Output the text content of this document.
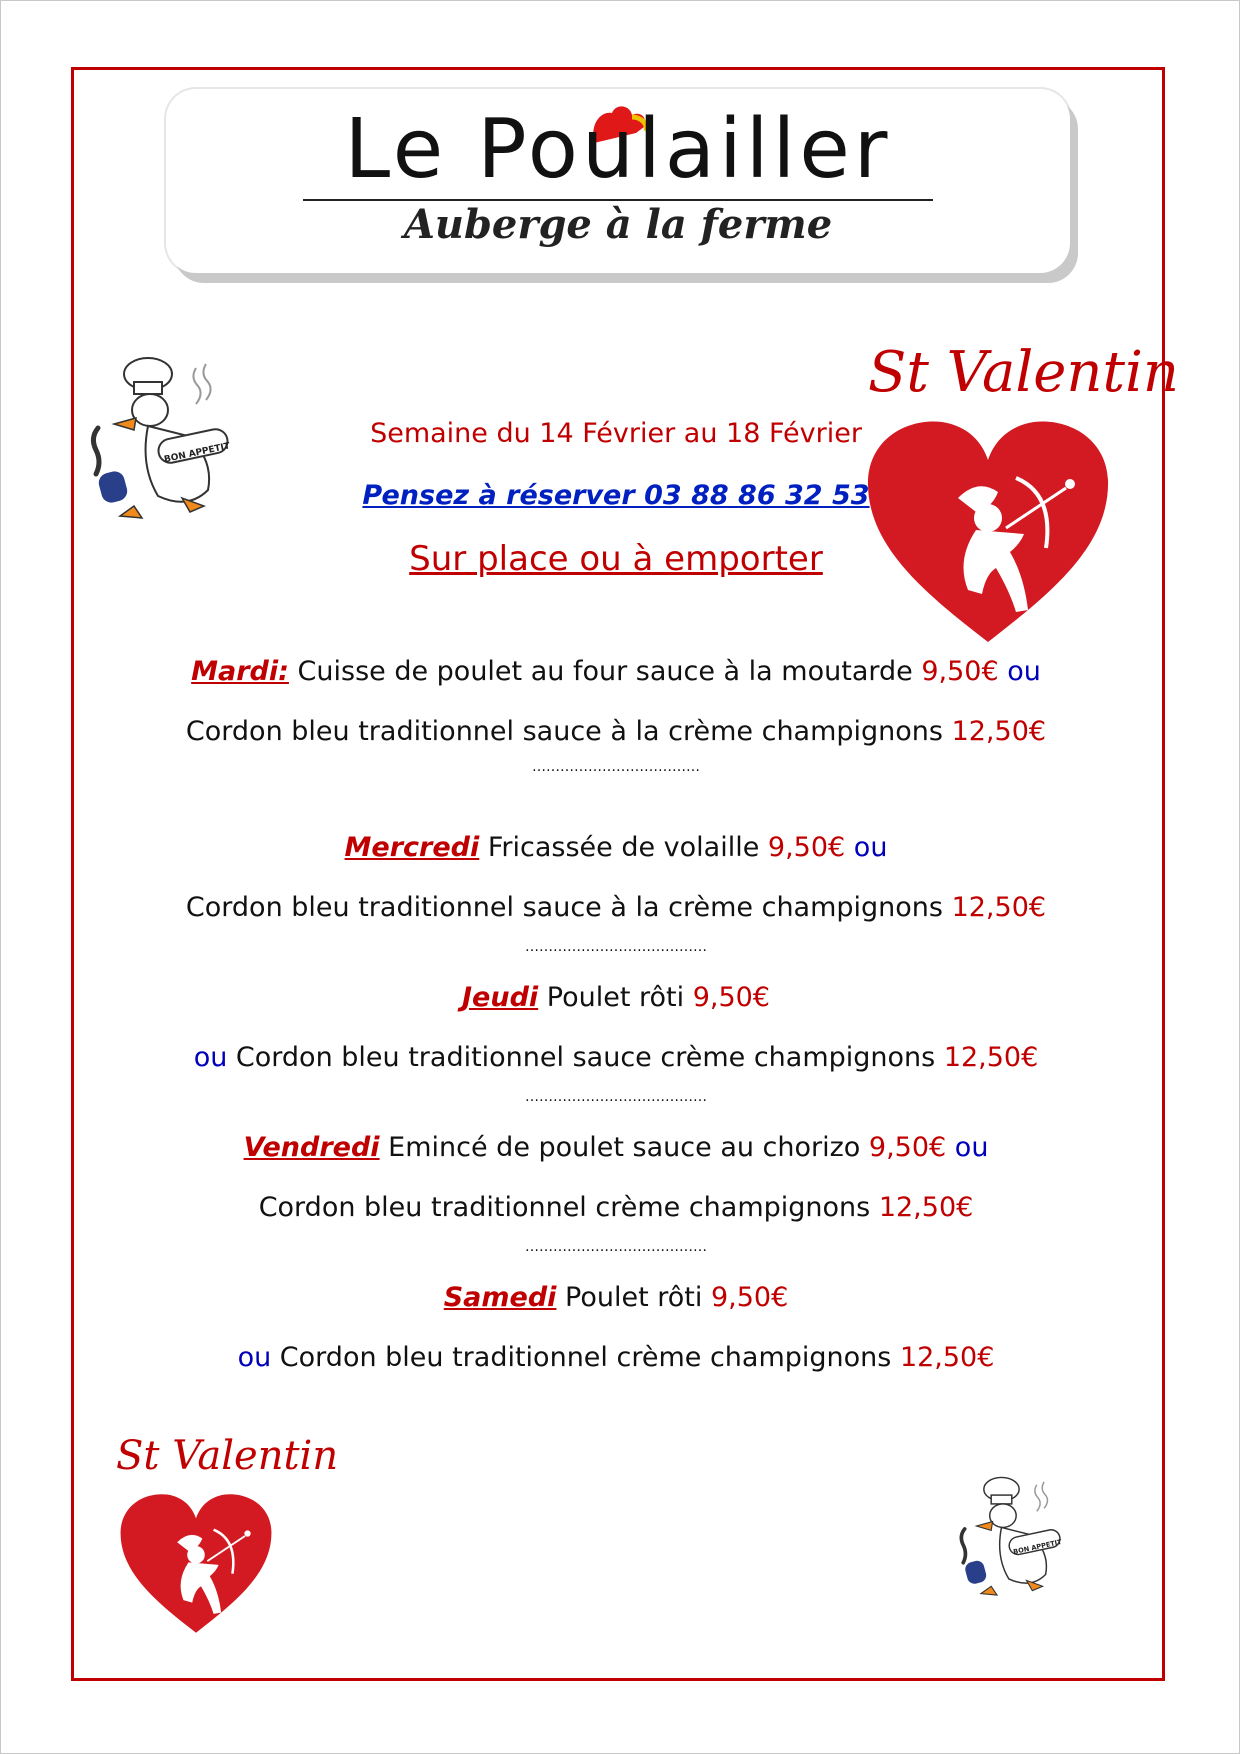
Le Poulailler
Auberge à la ferme
BON APPETIT
St Valentin
Semaine du 14 Février au 18 Février
Pensez à réserver 03 88 86 32 53
Sur place ou à emporter
Mardi: Cuisse de poulet au four sauce à la moutarde 9,50€ ou
Cordon bleu traditionnel sauce à la crème champignons 12,50€
………………………………
Mercredi Fricassée de volaille 9,50€ ou
Cordon bleu traditionnel sauce à la crème champignons 12,50€
…………………………………
Jeudi Poulet rôti 9,50€
ou Cordon bleu traditionnel sauce crème champignons 12,50€
…………………………………
Vendredi Emincé de poulet sauce au chorizo 9,50€ ou
Cordon bleu traditionnel crème champignons 12,50€
…………………………………
Samedi Poulet rôti 9,50€
ou Cordon bleu traditionnel crème champignons 12,50€
St Valentin
BON APPETIT
